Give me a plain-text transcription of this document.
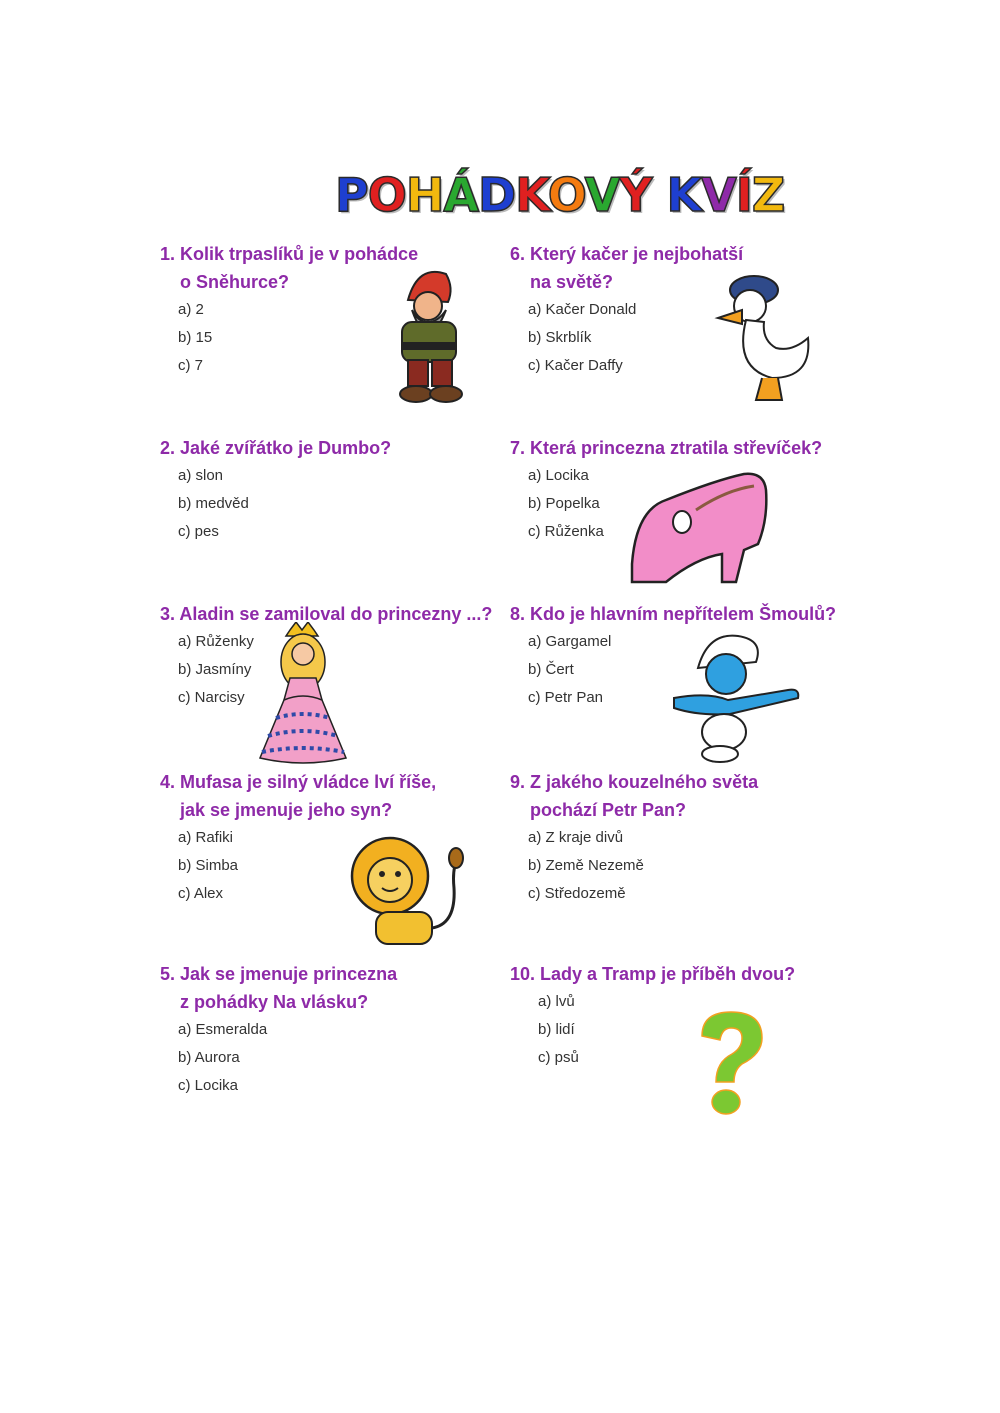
POHÁDKOVÝ KVÍZ
1. Kolik trpaslíků je v pohádce
o Sněhurce?
a) 2
b) 15
c) 7
2. Jaké zvířátko je Dumbo?
a) slon
b) medvěd
c) pes
3. Aladin se zamiloval do princezny ...?
a) Růženky
b) Jasmíny
c) Narcisy
4. Mufasa je silný vládce lví říše,
jak se jmenuje jeho syn?
a) Rafiki
b) Simba
c) Alex
5. Jak se jmenuje princezna
z pohádky Na vlásku?
a) Esmeralda
b) Aurora
c) Locika
6. Který kačer je nejbohatší
na světě?
a) Kačer Donald
b) Skrblík
c) Kačer Daffy
7. Která princezna ztratila střevíček?
a) Locika
b) Popelka
c) Růženka
8. Kdo je hlavním nepřítelem Šmoulů?
a) Gargamel
b) Čert
c) Petr Pan
9. Z jakého kouzelného světa
pochází Petr Pan?
a) Z kraje divů
b) Země Nezemě
c) Středozemě
10. Lady a Tramp je příběh dvou?
a) lvů
b) lidí
c) psů
